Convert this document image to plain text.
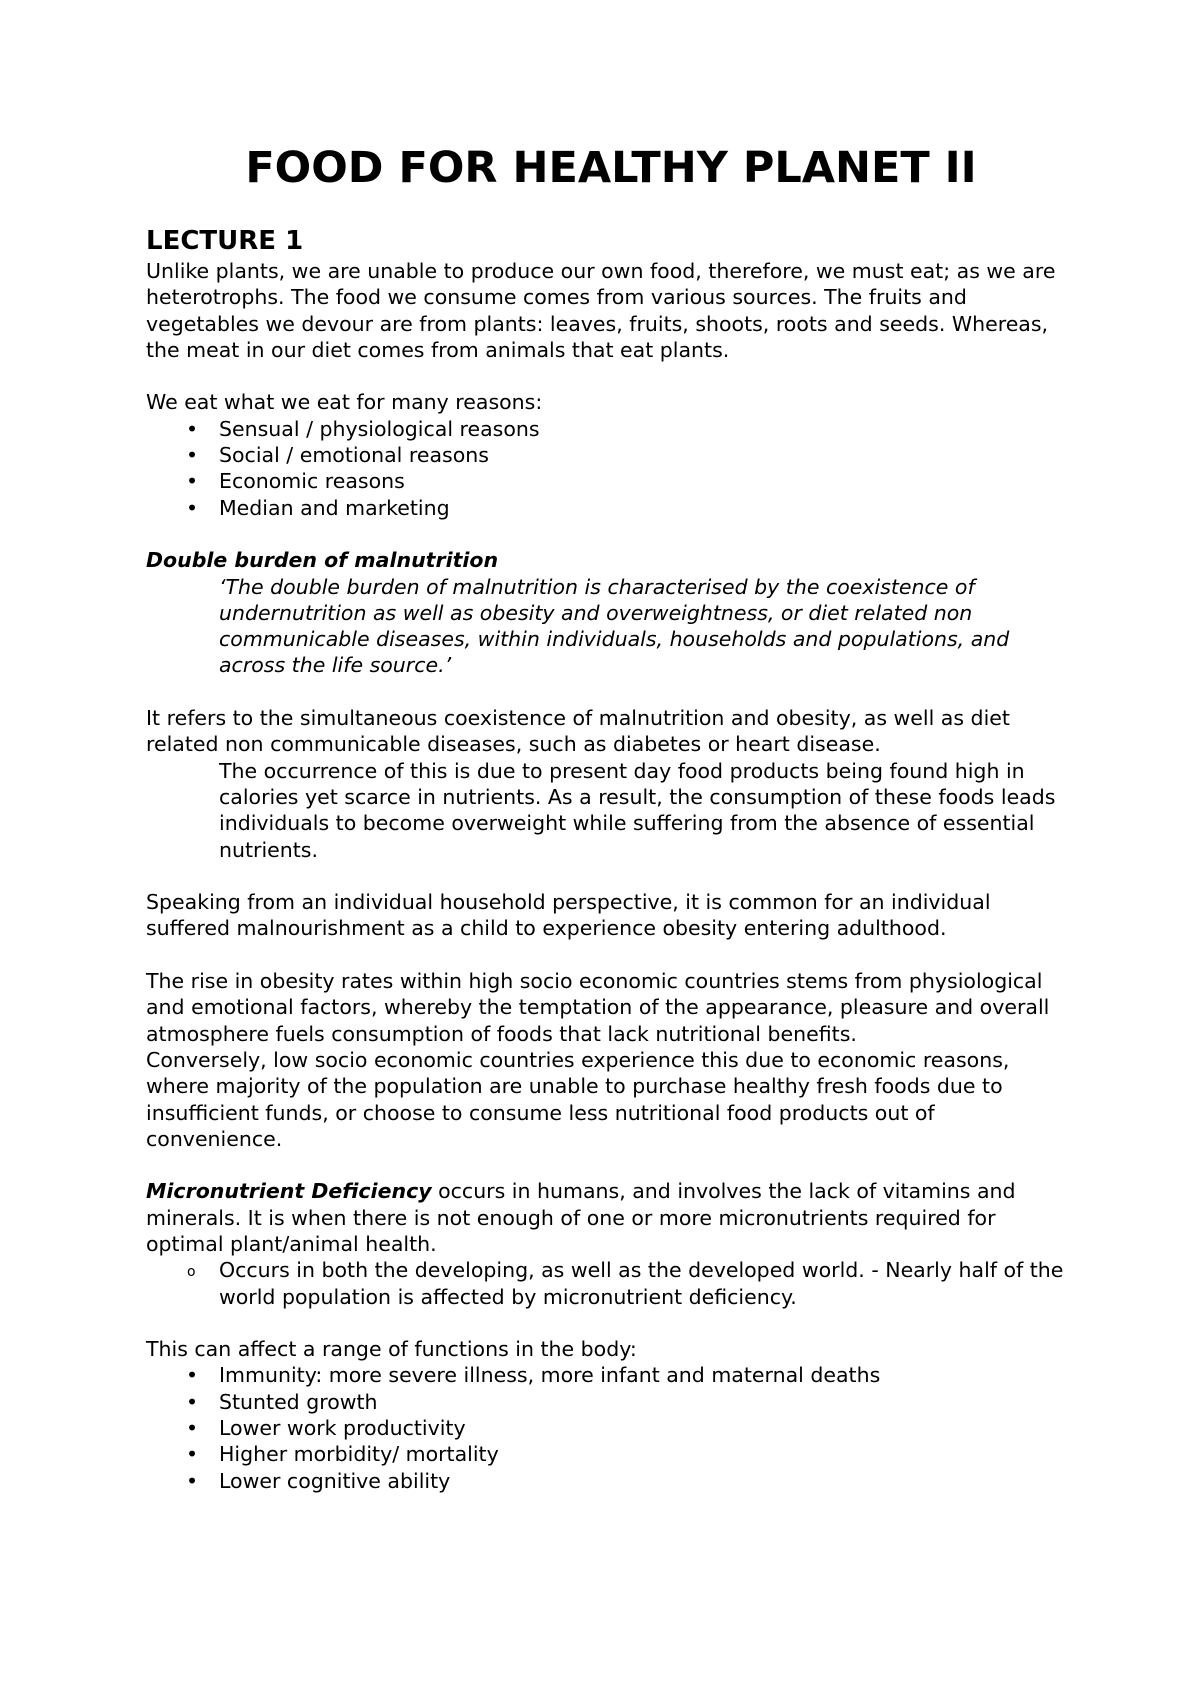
FOOD FOR HEALTHY PLANET II
LECTURE 1

Unlike plants, we are unable to produce our own food, therefore, we must eat; as we are heterotrophs. The food we consume comes from various sources. The fruits and vegetables we devour are from plants: leaves, fruits, shoots, roots and seeds. Whereas, the meat in our diet comes from animals that eat plants.

We eat what we eat for many reasons:

• Sensual / physiological reasons
• Social / emotional reasons
• Economic reasons
• Median and marketing

Double burden of malnutrition

‘The double burden of malnutrition is characterised by the coexistence of undernutrition as well as obesity and overweightness, or diet related non communicable diseases, within individuals, households and populations, and across the life source.’

It refers to the simultaneous coexistence of malnutrition and obesity, as well as diet related non communicable diseases, such as diabetes or heart disease.

The occurrence of this is due to present day food products being found high in calories yet scarce in nutrients. As a result, the consumption of these foods leads individuals to become overweight while suffering from the absence of essential nutrients.

Speaking from an individual household perspective, it is common for an individual suffered malnourishment as a child to experience obesity entering adulthood.

The rise in obesity rates within high socio economic countries stems from physiological and emotional factors, whereby the temptation of the appearance, pleasure and overall atmosphere fuels consumption of foods that lack nutritional benefits.

Conversely, low socio economic countries experience this due to economic reasons, where majority of the population are unable to purchase healthy fresh foods due to insufficient funds, or choose to consume less nutritional food products out of convenience.

Micronutrient Deficiency occurs in humans, and involves the lack of vitamins and minerals. It is when there is not enough of one or more micronutrients required for optimal plant/animal health.

o Occurs in both the developing, as well as the developed world. - Nearly half of the world population is affected by micronutrient deficiency.

This can affect a range of functions in the body:

• Immunity: more severe illness, more infant and maternal deaths
• Stunted growth
• Lower work productivity
• Higher morbidity/ mortality
• Lower cognitive ability
